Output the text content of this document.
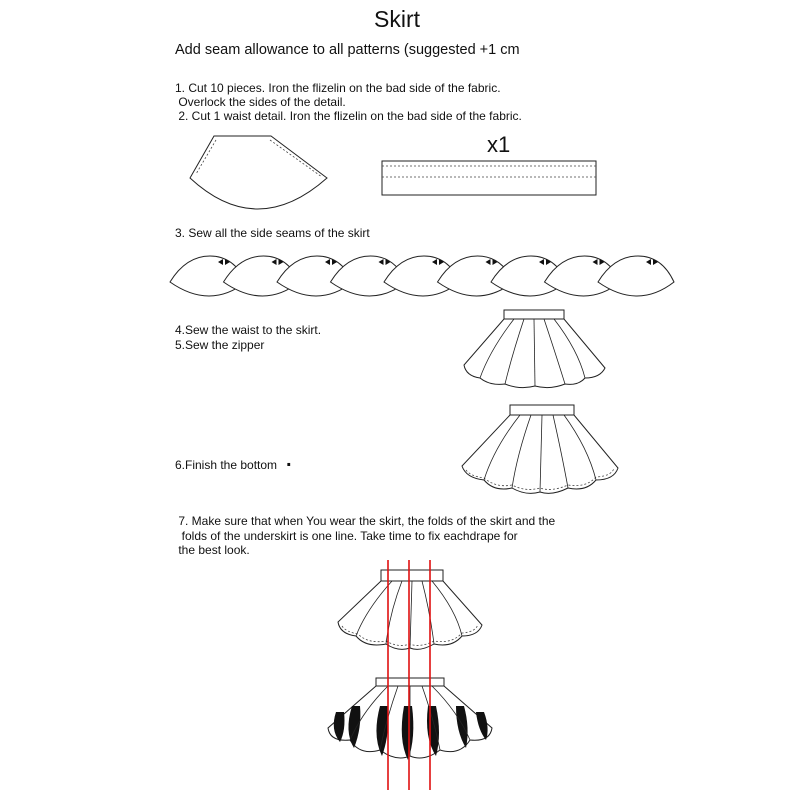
Skirt
Add seam allowance to all patterns (suggested +1 cm
1. Cut 10 pieces. Iron the flizelin on the bad side of the fabric.
Overlock the sides of the detail.
2. Cut 1 waist detail. Iron the flizelin on the bad side of the fabric.
3. Sew all the side seams of the skirt
4.Sew the waist to the skirt.
5.Sew the zipper
6.Finish the bottom .
7. Make sure that when You wear the skirt, the folds of the skirt and the
folds of the underskirt is one line. Take time to fix eachdrape for
the best look.
x1
